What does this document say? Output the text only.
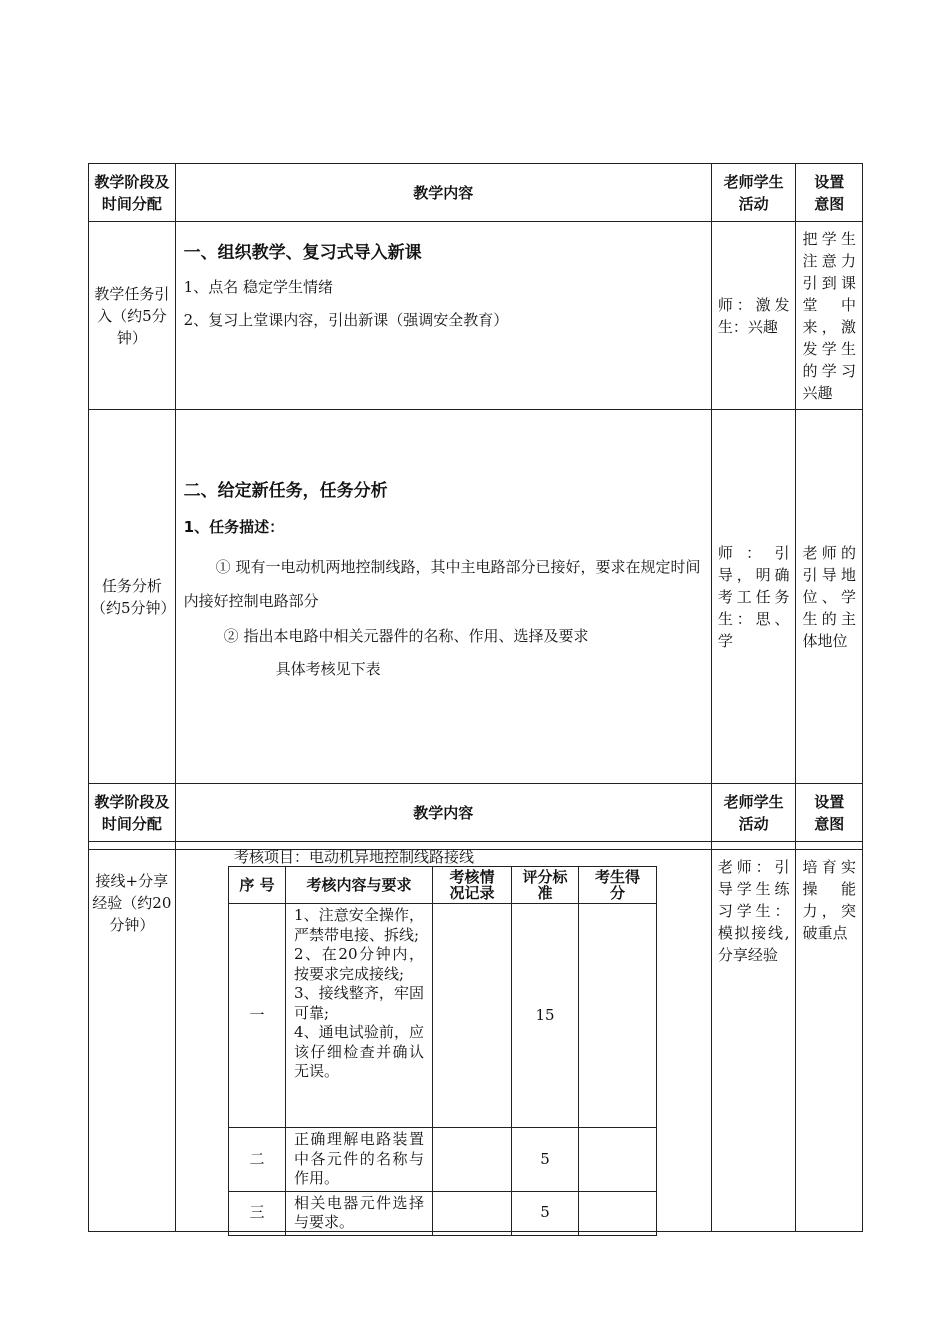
教学阶段及时间分配	教学内容	老师学生活动	设置意图
教学任务引入（约5分钟）	一、组织教学、复习式导入新课

1、点名 稳定学生情绪

2、复习上堂课内容，引出新课（强调安全教育）	师：激发生：兴趣	把学生注意力引到课堂中来，激发学生的学习兴趣
任务分析（约5分钟）	二、给定新任务，任务分析

1、任务描述：

① 现有一电动机两地控制线路，其中主电路部分已接好，要求在规定时间内接好控制电路部分

② 指出本电路中相关元器件的名称、作用、选择及要求

具体考核见下表	师：引导，明确考工任务生：思、学	老师的引导地位、学生的主体地位
教学阶段及时间分配	教学内容	老师学生活动	设置意图

接线+分享经验（约20分钟）		老师：引导学生练习学生：模拟接线,分享经验	培育实操能力，突破重点
考核项目：电动机异地控制线路接线
序 号	考核内容与要求	考核情况记录	评分标准	考生得分
一	1、注意安全操作，严禁带电接、拆线;
2、在20分钟内，按要求完成接线;
3、接线整齐，牢固可靠;
4、通电试验前，应该仔细检查并确认无误。		15	
二	正确理解电路装置中各元件的名称与作用。		5	
三	相关电器元件选择与要求。		5	
